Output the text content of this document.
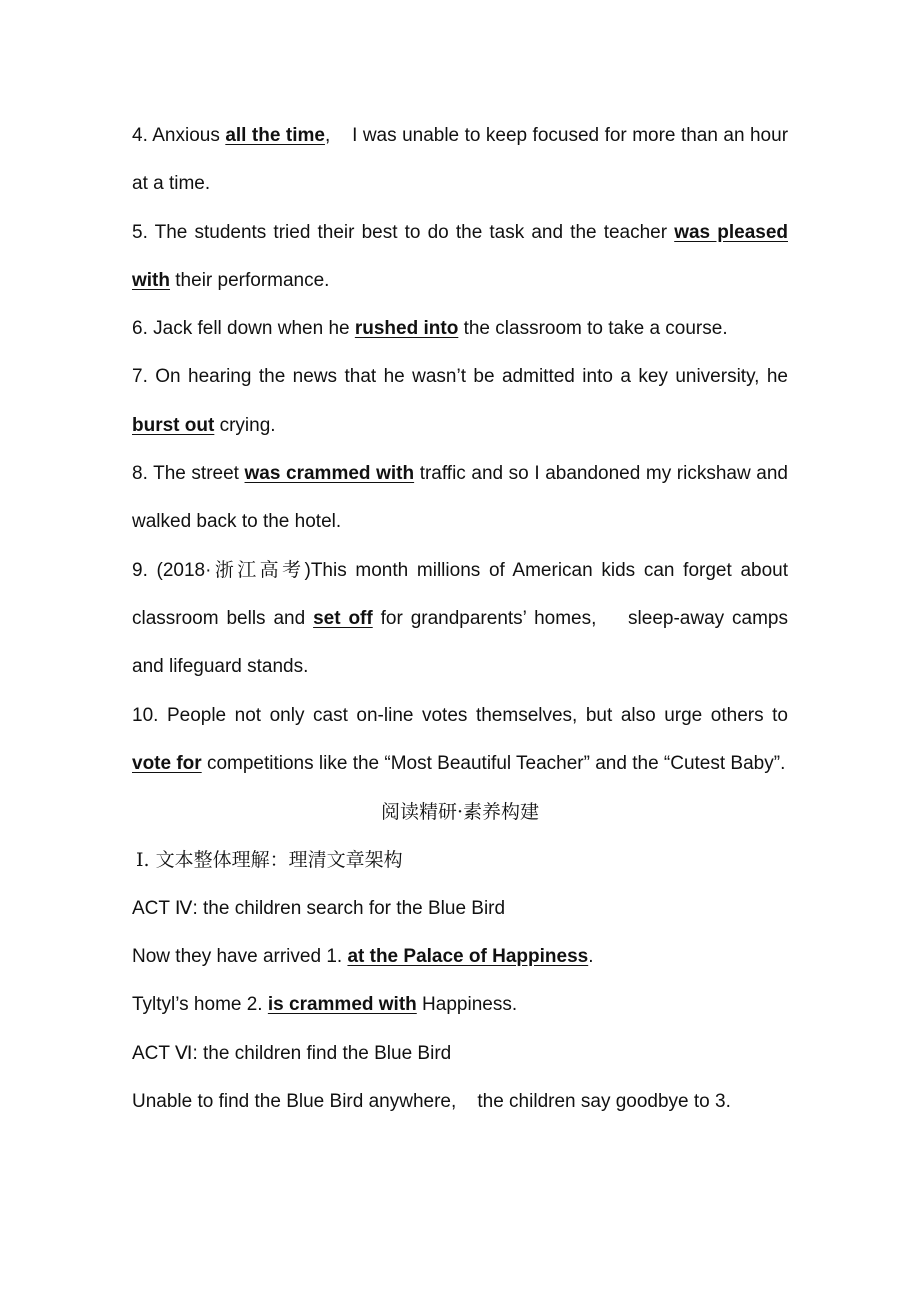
4. Anxious all the time,    I was unable to keep focused for more than an hour at a time.

5. The students tried their best to do the task and the teacher was pleased with their performance.

6. Jack fell down when he rushed into the classroom to take a course.

7. On hearing the news that he wasn’t be admitted into a key university, he burst out crying.

8. The street was crammed with traffic and so I abandoned my rickshaw and walked back to the hotel.

9. (2018·浙江高考)This month millions of American kids can forget about classroom bells and set off for grandparents’ homes,    sleep-away camps and lifeguard stands.

10. People not only cast on-line votes themselves, but also urge others to vote for competitions like the “Most Beautiful Teacher” and the “Cutest Baby”.

阅读精研·素养构建

Ⅰ. 文本整体理解：理清文章架构

ACT Ⅳ: the children search for the Blue Bird

Now they have arrived 1. at the Palace of Happiness.

Tyltyl’s home 2. is crammed with Happiness.

ACT Ⅵ: the children find the Blue Bird

Unable to find the Blue Bird anywhere,    the children say goodbye to 3.
